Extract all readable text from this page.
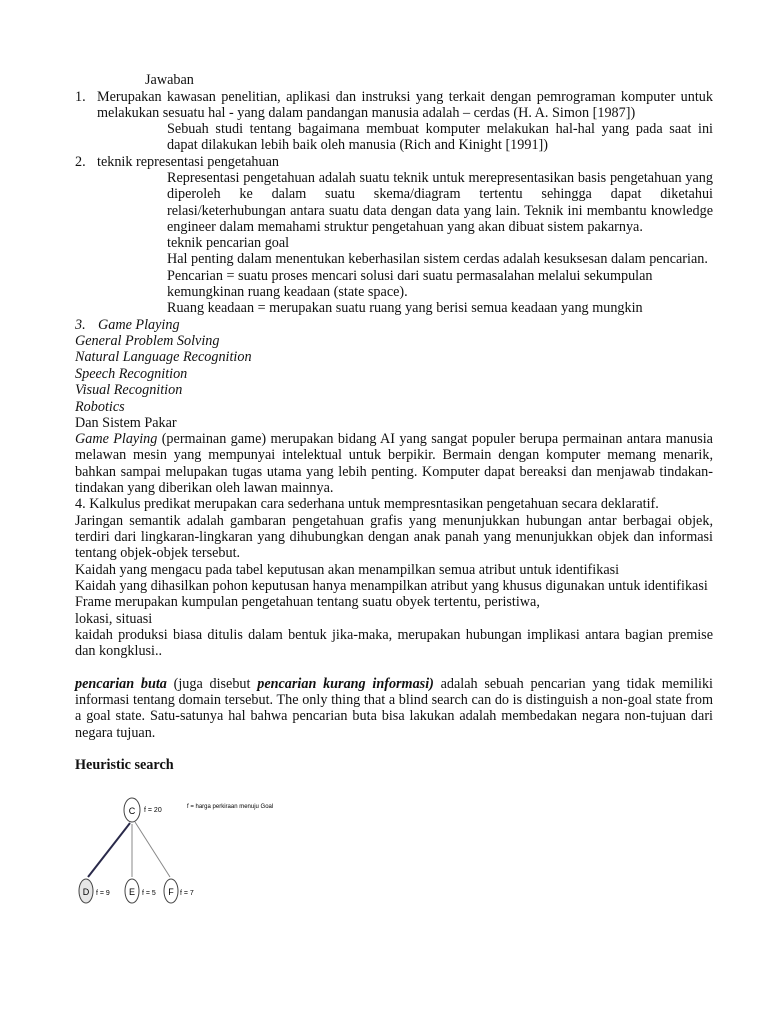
Jawaban
1. Merupakan kawasan penelitian, aplikasi dan instruksi yang terkait dengan pemrograman komputer untuk
melakukan sesuatu hal - yang dalam pandangan manusia adalah – cerdas (H. A. Simon [1987])
Sebuah studi tentang bagaimana membuat komputer melakukan hal-hal yang pada saat ini
dapat dilakukan lebih baik oleh manusia (Rich and Kinight [1991])
2. teknik representasi pengetahuan
Representasi pengetahuan adalah suatu teknik untuk merepresentasikan basis pengetahuan yang
diperoleh ke dalam suatu skema/diagram tertentu sehingga dapat diketahui
relasi/keterhubungan antara suatu data dengan data yang lain. Teknik ini membantu knowledge
engineer dalam memahami struktur pengetahuan yang akan dibuat sistem pakarnya.
teknik pencarian goal
Hal penting dalam menentukan keberhasilan sistem cerdas adalah kesuksesan dalam pencarian.
Pencarian = suatu proses mencari solusi dari suatu permasalahan melalui sekumpulan
kemungkinan ruang keadaan (state space).
Ruang keadaan = merupakan suatu ruang yang berisi semua keadaan yang mungkin
3. Game Playing
General Problem Solving
Natural Language Recognition
Speech Recognition
Visual Recognition
Robotics
Dan Sistem Pakar
Game Playing (permainan game) merupakan bidang AI yang sangat populer berupa permainan antara manusia
melawan mesin yang mempunyai intelektual untuk berpikir. Bermain dengan komputer memang menarik,
bahkan sampai melupakan tugas utama yang lebih penting. Komputer dapat bereaksi dan menjawab tindakan-
tindakan yang diberikan oleh lawan mainnya.
4. Kalkulus predikat merupakan cara sederhana untuk mempresntasikan pengetahuan secara deklaratif.
Jaringan semantik adalah gambaran pengetahuan grafis yang menunjukkan hubungan antar berbagai objek,
terdiri dari lingkaran-lingkaran yang dihubungkan dengan anak panah yang menunjukkan objek dan informasi
tentang objek-objek tersebut.
Kaidah yang mengacu pada tabel keputusan akan menampilkan semua atribut untuk identifikasi
Kaidah yang dihasilkan pohon keputusan hanya menampilkan atribut yang khusus digunakan untuk identifikasi
Frame merupakan kumpulan pengetahuan tentang suatu obyek tertentu, peristiwa,
lokasi, situasi
kaidah produksi biasa ditulis dalam bentuk jika-maka, merupakan hubungan implikasi antara bagian premise
dan kongklusi..
pencarian buta (juga disebut pencarian kurang informasi) adalah sebuah pencarian yang tidak memiliki
informasi tentang domain tersebut. The only thing that a blind search can do is distinguish a non-goal state from
a goal state. Satu-satunya hal bahwa pencarian buta bisa lakukan adalah membedakan negara non-tujuan dari
negara tujuan.
Heuristic search
C f = 20	f = harga perkiraan menuju Goal
D f = 9 E f = 5 F f = 7
